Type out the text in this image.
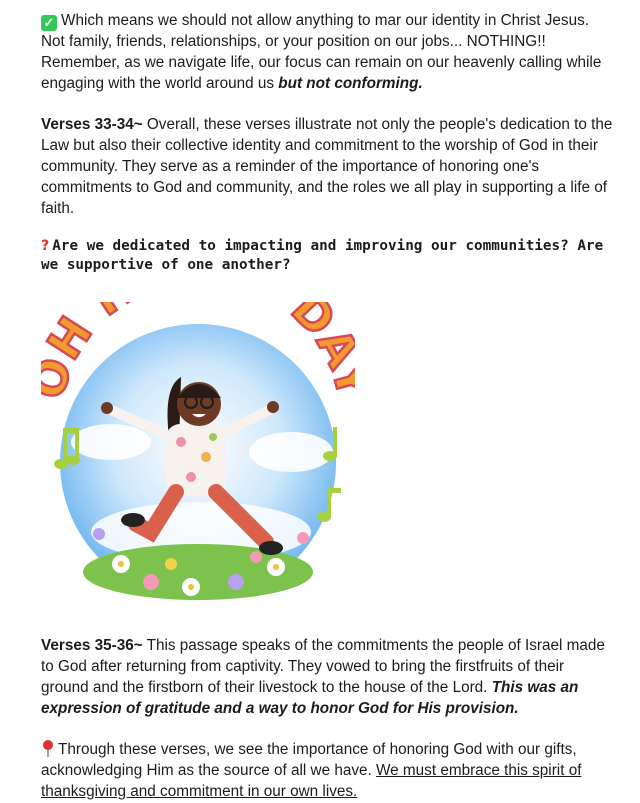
✓ Which means we should not allow anything to mar our identity in Christ Jesus. Not family, friends, relationships, or your position on our jobs... NOTHING!! Remember, as we navigate life, our focus can remain on our heavenly calling while engaging with the world around us but not conforming.
Verses 33-34~ Overall, these verses illustrate not only the people's dedication to the Law but also their collective identity and commitment to the worship of God in their community. They serve as a reminder of the importance of honoring one's commitments to God and community, and the roles we all play in supporting a life of faith.
? Are we dedicated to impacting and improving our communities? Are we supportive of one another?
H D
Verses 35-36~ This passage speaks of the commitments the people of Israel made to God after returning from captivity. They vowed to bring the firstfruits of their ground and the firstborn of their livestock to the house of the Lord. This was an expression of gratitude and a way to honor God for His provision.
Through these verses, we see the importance of honoring God with our gifts, acknowledging Him as the source of all we have. We must embrace this spirit of thanksgiving and commitment in our own lives.
